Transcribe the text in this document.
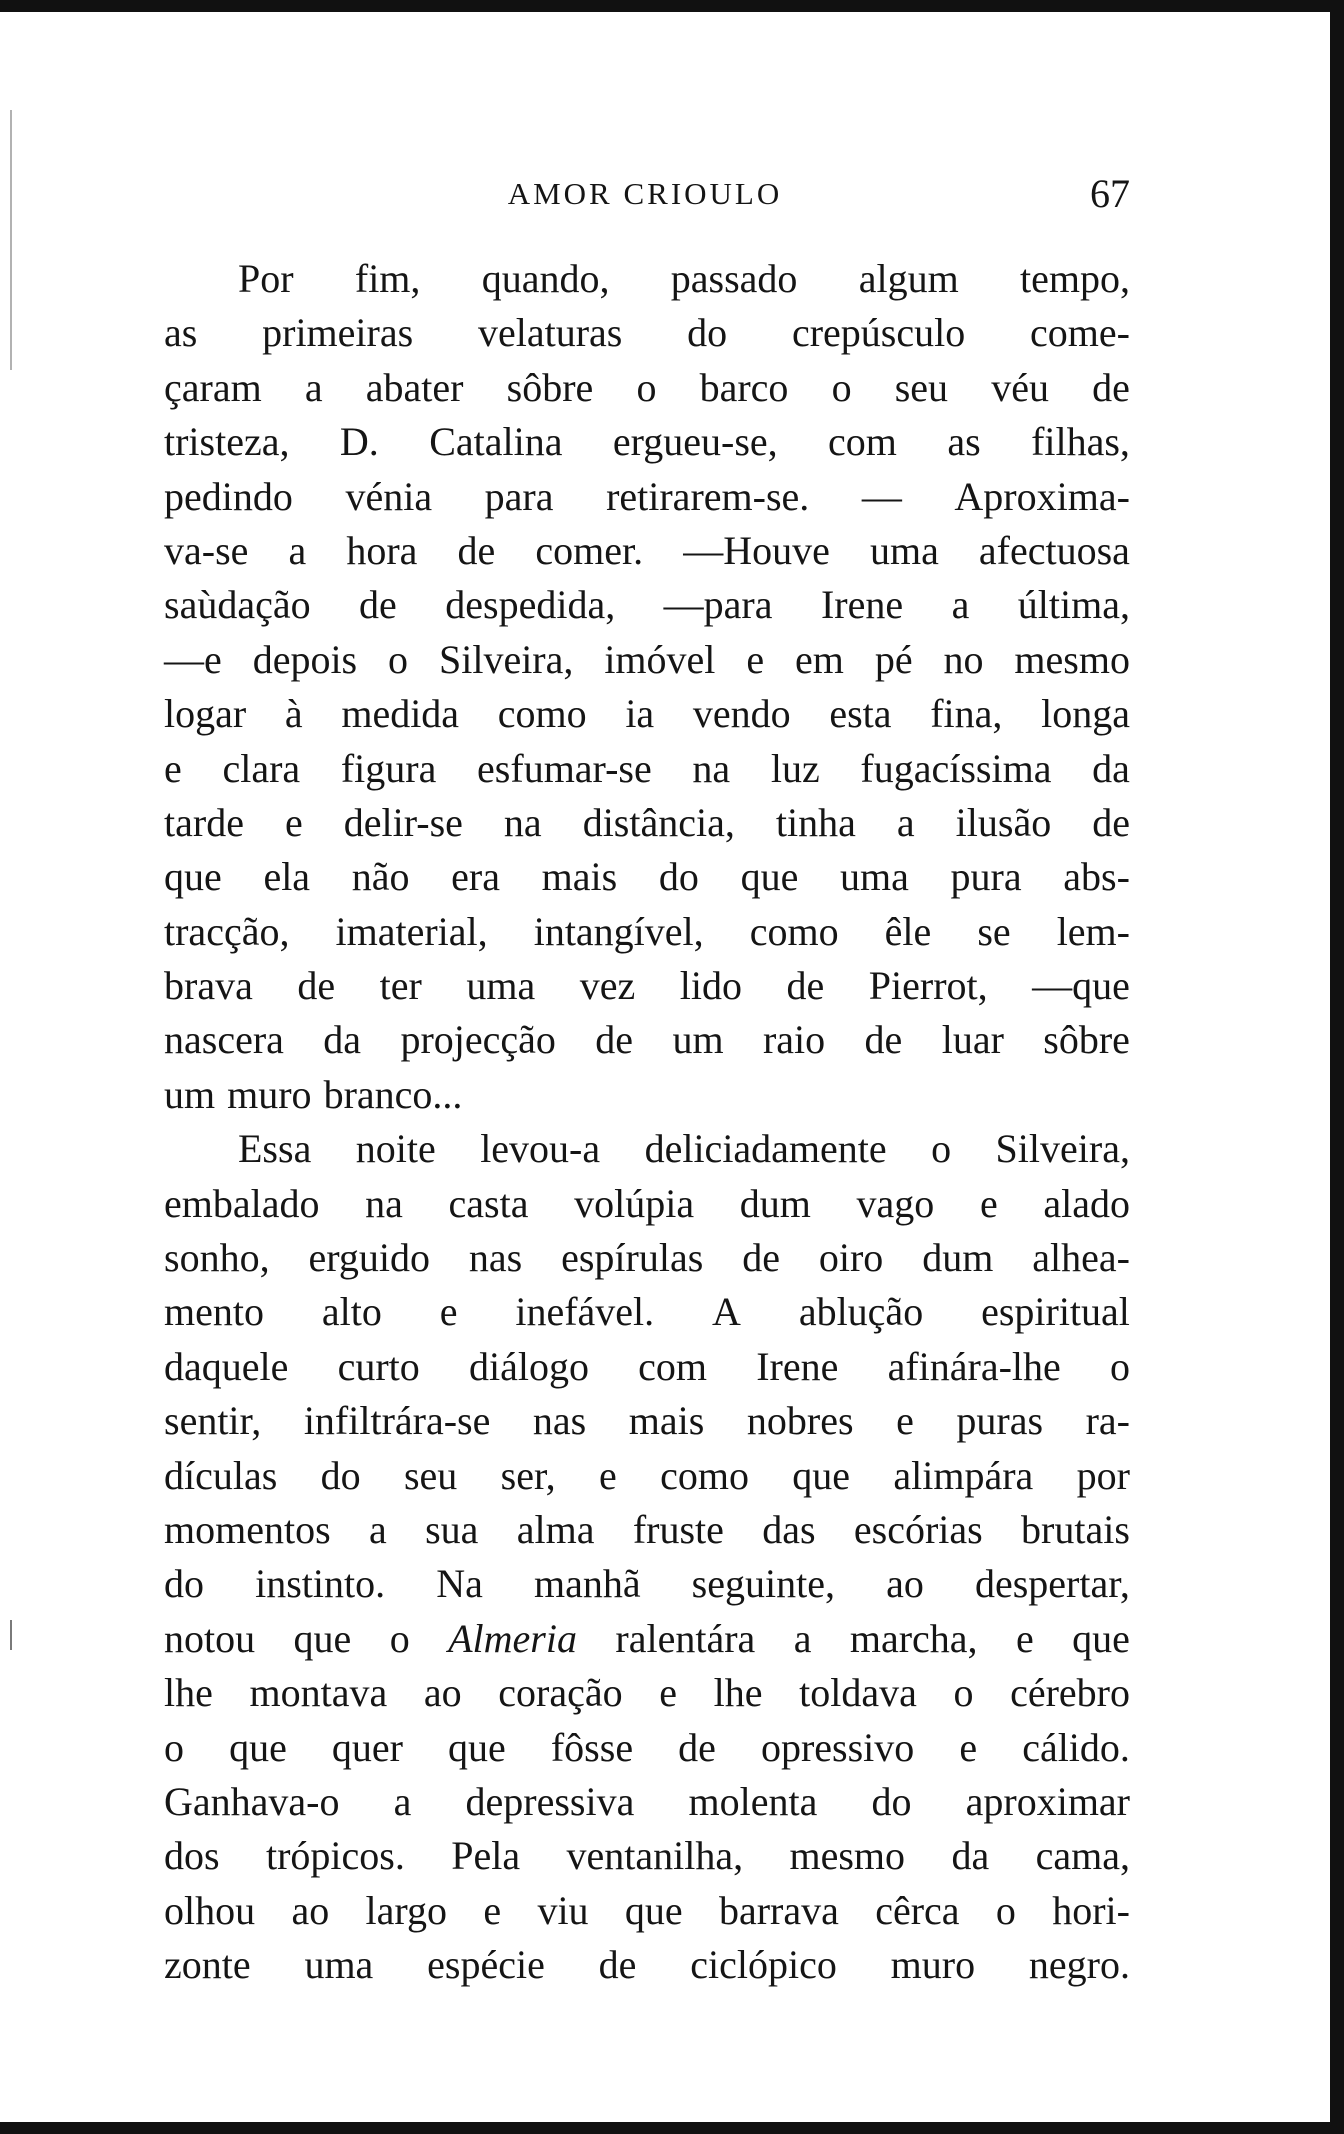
AMOR CRIOULO	67
Por fim, quando, passado algum tempo,
as primeiras velaturas do crepúsculo come-
çaram a abater sôbre o barco o seu véu de
tristeza, D. Catalina ergueu-se, com as filhas,
pedindo vénia para retirarem-se. — Aproxima-
va-se a hora de comer. —Houve uma afectuosa
saùdação de despedida, —para Irene a última,
—e depois o Silveira, imóvel e em pé no mesmo
logar à medida como ia vendo esta fina, longa
e clara figura esfumar-se na luz fugacíssima da
tarde e delir-se na distância, tinha a ilusão de
que ela não era mais do que uma pura abs-
tracção, imaterial, intangível, como êle se lem-
brava de ter uma vez lido de Pierrot, —que
nascera da projecção de um raio de luar sôbre
um muro branco...
Essa noite levou-a deliciadamente o Silveira,
embalado na casta volúpia dum vago e alado
sonho, erguido nas espírulas de oiro dum alhea-
mento alto e inefável. A ablução espiritual
daquele curto diálogo com Irene afinára-lhe o
sentir, infiltrára-se nas mais nobres e puras ra-
dículas do seu ser, e como que alimpára por
momentos a sua alma fruste das escórias brutais
do instinto. Na manhã seguinte, ao despertar,
notou que o Almeria ralentára a marcha, e que
lhe montava ao coração e lhe toldava o cérebro
o que quer que fôsse de opressivo e cálido.
Ganhava-o a depressiva molenta do aproximar
dos trópicos. Pela ventanilha, mesmo da cama,
olhou ao largo e viu que barrava cêrca o hori-
zonte uma espécie de ciclópico muro negro.
